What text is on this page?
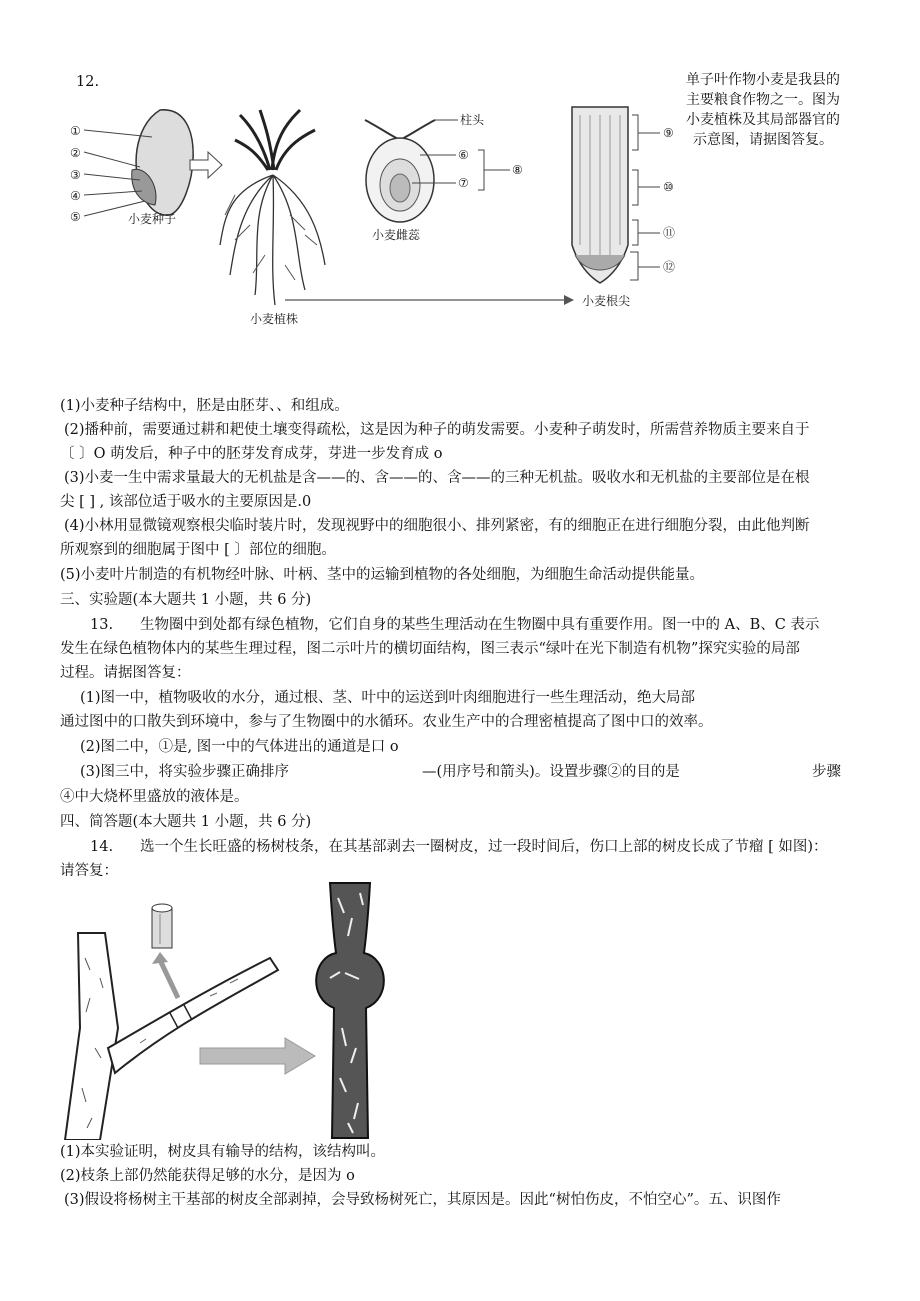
12.	单子叶作物小麦是我县的
主要粮食作物之一。图为
小麦植株及其局部器官的
示意图，请据图答复。
①
②
③
④
⑤	小麦种子
小麦植株
柱头
⑥
⑦
⑧
小麦雌蕊
⑨
⑩
⑪
⑫
小麦根尖
(1)小麦种子结构中，胚是由胚芽、、和组成。
(2)播种前，需要通过耕和耙使土壤变得疏松，这是因为种子的萌发需要。小麦种子萌发时，所需营养物质主要来自于
〔 〕O 萌发后，种子中的胚芽发育成芽，芽进一步发育成 o
(3)小麦一生中需求量最大的无机盐是含——的、含——的、含——的三种无机盐。吸收水和无机盐的主要部位是在根
尖 [ ] , 该部位适于吸水的主要原因是.0
(4)小林用显微镜观察根尖临时装片时，发现视野中的细胞很小、排列紧密，有的细胞正在进行细胞分裂，由此他判断
所观察到的细胞属于图中 [ 〕部位的细胞。
(5)小麦叶片制造的有机物经叶脉、叶柄、茎中的运输到植物的各处细胞，为细胞生命活动提供能量。
三、实验题(本大题共 1 小题，共 6 分)
13. 生物圈中到处都有绿色植物，它们自身的某些生理活动在生物圈中具有重要作用。图一中的 A、B、C 表示
发生在绿色植物体内的某些生理过程，图二示叶片的横切面结构，图三表示“绿叶在光下制造有机物”探究实验的局部
过程。请据图答复：
(1)图一中，植物吸收的水分，通过根、茎、叶中的运送到叶肉细胞进行一些生理活动，绝大局部
通过图中的口散失到环境中，参与了生物圈中的水循环。农业生产中的合理密植提高了图中口的效率。
(2)图二中，①是, 图一中的气体进出的通道是口 o
(3)图三中，将实验步骤正确排序	—(用序号和箭头)。设置步骤②的目的是	步骤
④中大烧杯里盛放的液体是。
四、简答题(本大题共 1 小题，共 6 分)
14. 选一个生长旺盛的杨树枝条，在其基部剥去一圈树皮，过一段时间后，伤口上部的树皮长成了节瘤 [ 如图)：
请答复：
(1)本实验证明，树皮具有输导的结构，该结构叫。
(2)枝条上部仍然能获得足够的水分，是因为 o
(3)假设将杨树主干基部的树皮全部剥掉，会导致杨树死亡，其原因是。因此“树怕伤皮，不怕空心”。五、识图作
